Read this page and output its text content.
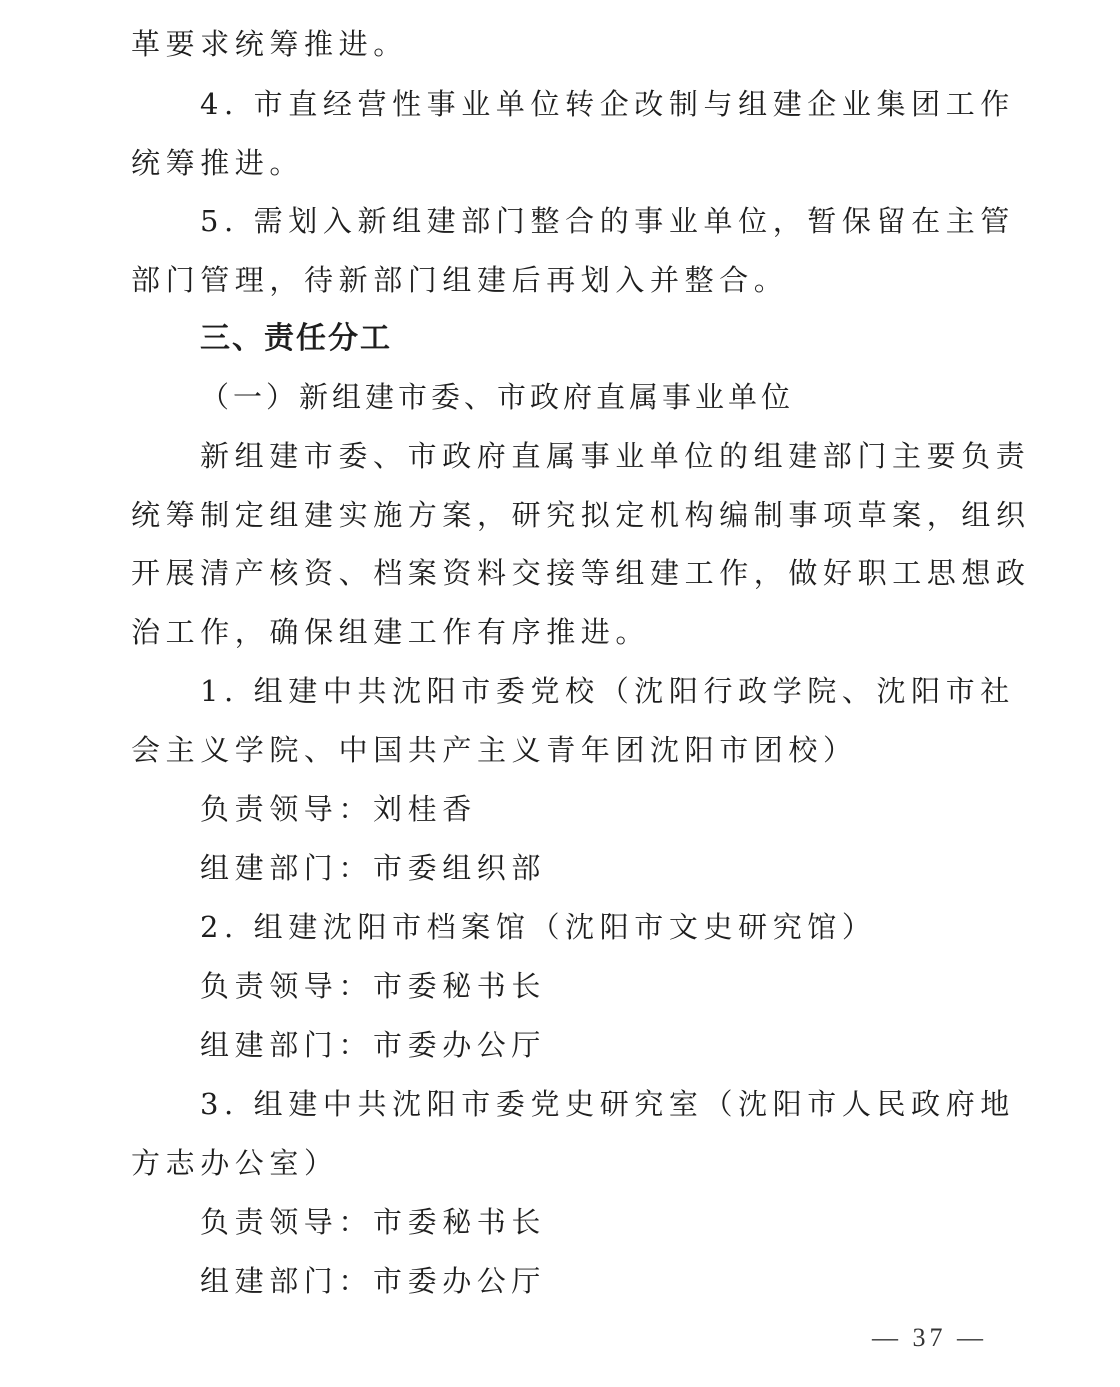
革要求统筹推进。
4. 市直经营性事业单位转企改制与组建企业集团工作
统筹推进。
5. 需划入新组建部门整合的事业单位，暂保留在主管
部门管理，待新部门组建后再划入并整合。
三、责任分工
（一）新组建市委、市政府直属事业单位
新组建市委、市政府直属事业单位的组建部门主要负责
统筹制定组建实施方案，研究拟定机构编制事项草案，组织
开展清产核资、档案资料交接等组建工作，做好职工思想政
治工作，确保组建工作有序推进。
1. 组建中共沈阳市委党校（沈阳行政学院、沈阳市社
会主义学院、中国共产主义青年团沈阳市团校）
负责领导：刘桂香
组建部门：市委组织部
2. 组建沈阳市档案馆（沈阳市文史研究馆）
负责领导：市委秘书长
组建部门：市委办公厅
3. 组建中共沈阳市委党史研究室（沈阳市人民政府地
方志办公室）
负责领导：市委秘书长
组建部门：市委办公厅
— 37 —
